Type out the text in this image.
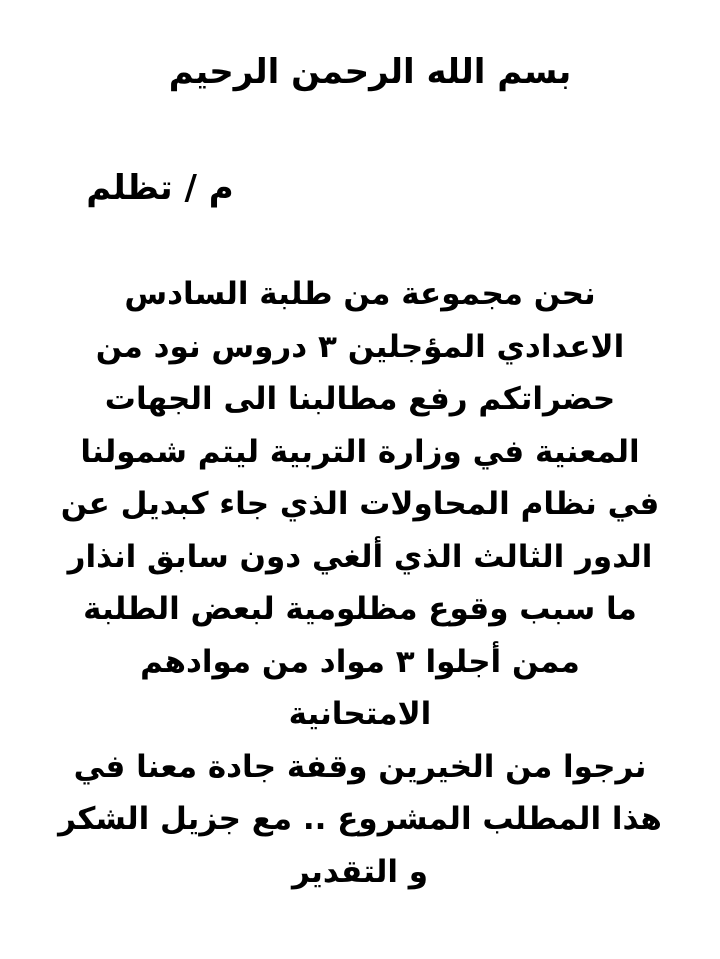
بسم الله الرحمن الرحيم
م / تظلم
نحن مجموعة من طلبة السادس
الاعدادي المؤجلين ٣ دروس نود من
حضراتكم رفع مطالبنا الى الجهات
المعنية في وزارة التربية ليتم شمولنا
في نظام المحاولات الذي جاء كبديل عن
الدور الثالث الذي ألغي دون سابق انذار
ما سبب وقوع مظلومية لبعض الطلبة
ممن أجلوا ٣ مواد من موادهم
الامتحانية
نرجوا من الخيرين وقفة جادة معنا في
هذا المطلب المشروع .. مع جزيل الشكر
و التقدير
